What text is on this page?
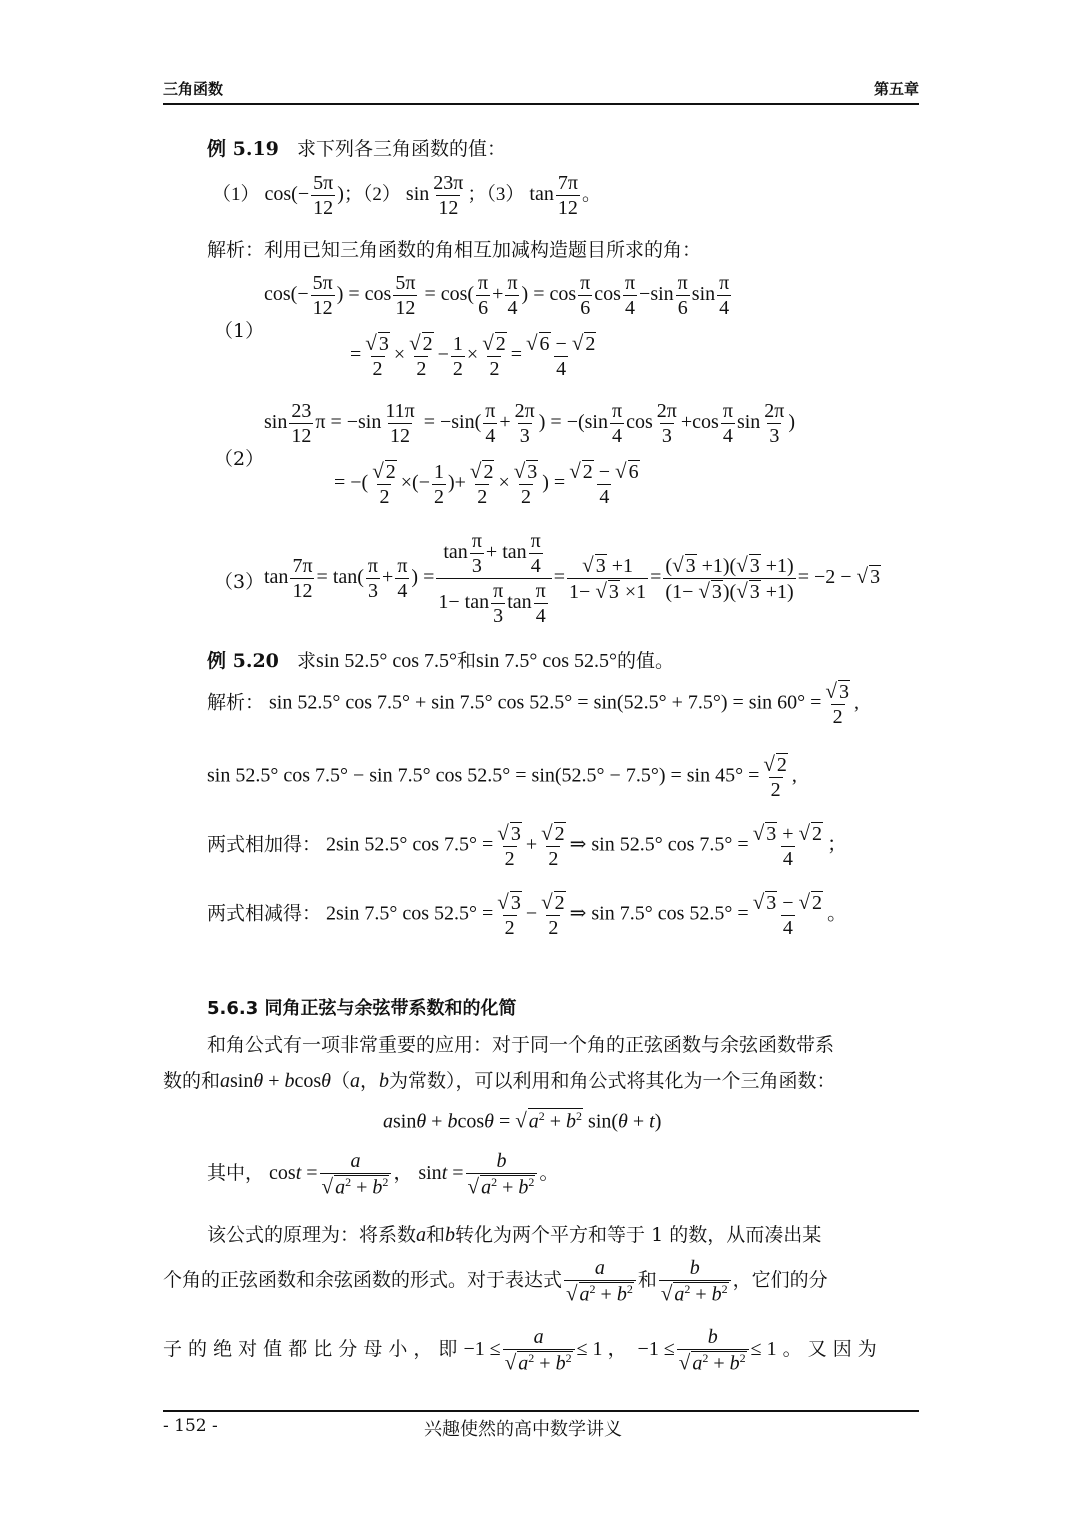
三角函数	第五章
例 5.19 求下列各三角函数的值：
（1） $\cos(- \frac{5\pi}{12}$ )；（2） $\sin \frac{23\pi}{12}$ ；（3） $\tan \frac{7\pi}{12}$ 。
解析：利用已知三角函数的角相互加减构造题目所求的角：
（1）
$\cos(- \frac{5\pi}{12}$ ) = $\cos \frac{5\pi}{12} = \cos( \frac{\pi}{6} + \frac{\pi}{4}$ ) = $\cos \frac{\pi}{6}$ $\cos \frac{\pi}{4} -\sin \frac{\pi}{6}$ $\sin \frac{\pi}{4}$
= $\frac{√ 3}{2} \times \frac{√ 2}{2} - \frac{1}{2} \times \frac{√ 2}{2} = \frac{√ 6 - √ 2}{4}$
（2）
$\sin \frac{23}{12}$ $\pi = -\sin \frac{11\pi}{12} = -\sin( \frac{\pi}{4} + \frac{2\pi}{3}$ ) = $-(\sin \frac{\pi}{4}$ $\cos \frac{2\pi}{3} +\cos \frac{\pi}{4}$ $\sin \frac{2\pi}{3}$ )
= −( $\frac{√ 2}{2}$ ×(− $\frac{1}{2}$ )+ $\frac{√ 2}{2} \times \frac{√ 3}{2}$ ) = $\frac{√ 2 - √ 6}{4}$
（3） $\tan \frac{7\pi}{12} = \tan( \frac{\pi}{3} + \frac{\pi}{4}$ ) = $\frac{\tan \frac{\pi}{3} + \tan \frac{\pi}{4}}{1- \tan \frac{\pi}{3} \tan \frac{\pi}{4}} = \frac{√ 3 +1}{1- √ 3 \times 1} = \frac{(√ 3 +1)(√ 3 +1)}{(1- √ 3)(√ 3 +1)} = -2$ − √ 3
例 5.20 求sin 52.5° cos 7.5°和sin 7.5° cos 52.5°的值。
解析： sin 52.5° cos 7.5° + sin 7.5° $\cos 52.5^\circ = \sin(52.5^\circ + 7.5^\circ) = \sin 60^\circ = \frac{√ 3}{2}$ ,
sin 52.5° cos 7.5° − sin 7.5° $\cos 52.5^\circ = \sin(52.5^\circ - 7.5^\circ) = \sin 45^\circ = \frac{√ 2}{2}$ ,
两式相加得： 2sin 52.5° $\cos 7.5^\circ = \frac{√ 3}{2} + \frac{√ 2}{2}$ ⇒ sin 52.5° $\cos 7.5^\circ = \frac{√ 3 + √ 2}{4}$ ；
两式相减得： 2sin 7.5° $\cos 52.5^\circ = \frac{√ 3}{2} - \frac{√ 2}{2}$ ⇒ sin 7.5° $\cos 52.5^\circ = \frac{√ 3 - √ 2}{4}$ 。
5.6.3 同角正弦与余弦带系数和的化简
和角公式有一项非常重要的应用：对于同一个角的正弦函数与余弦函数带系
数的和asinθ + bcosθ（a，b为常数），可以利用和角公式将其化为一个三角函数：
asinθ + bcosθ = √ $a^2 + b^2$ sin(θ + t)
其中， $\cos t = \frac{a}{√ a^2 + b^2}$ ， $\sin t = \frac{b}{√ a^2 + b^2}$ 。
该公式的原理为：将系数a和b转化为两个平方和等于 1 的数，从而凑出某
个角的正弦函数和余弦函数的形式。对于表达式 $\frac{a}{√ a^2 + b^2}$ 和 $\frac{b}{√ a^2 + b^2}$ ，它们的分
子 的 绝 对 值 都 比 分 母 小 ， 即 $-1 \le \frac{a}{√ a^2 + b^2} \le 1$ ，  $-1 \le \frac{b}{√ a^2 + b^2} \le 1$ 。 又 因 为
- 152 -	兴趣使然的高中数学讲义
